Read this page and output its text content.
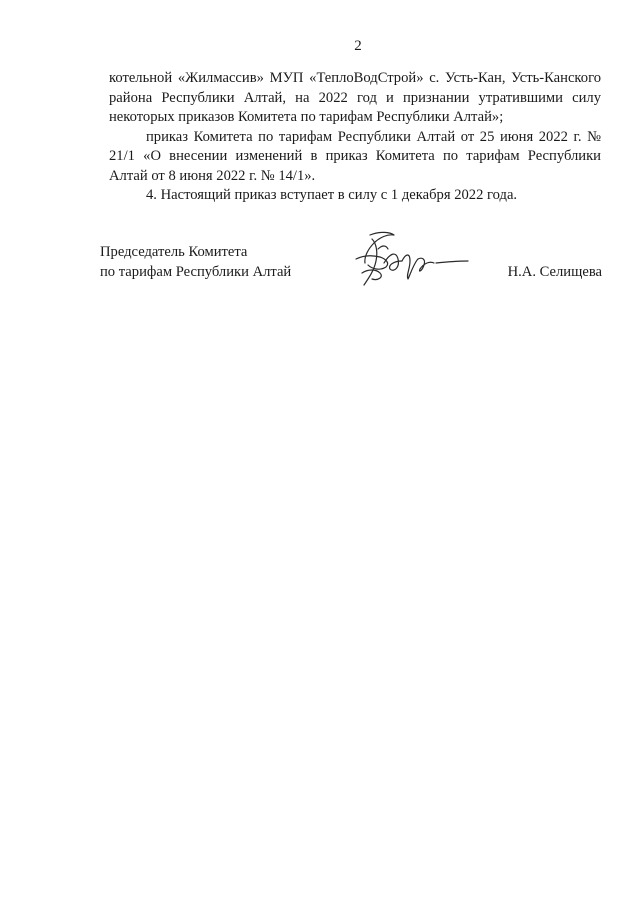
2

котельной «Жилмассив» МУП «ТеплоВодСтрой» с. Усть-Кан, Усть-Канского района Республики Алтай, на 2022 год и признании утратившими силу некоторых приказов Комитета по тарифам Республики Алтай»;

приказ Комитета по тарифам Республики Алтай от 25 июня 2022 г. № 21/1 «О внесении изменений в приказ Комитета по тарифам Республики Алтай от 8 июня 2022 г. № 14/1».

4. Настоящий приказ вступает в силу с 1 декабря 2022 года.

Председатель Комитета
по тарифам Республики Алтай	Н.А. Селищева
